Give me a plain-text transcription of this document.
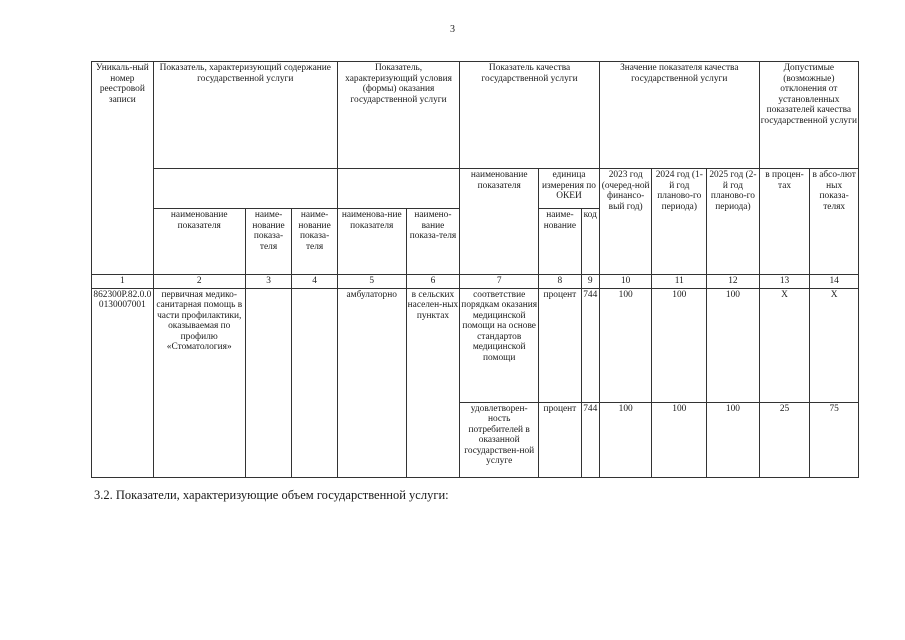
3
Уникаль-ный номер реестровой записи	Показатель, характеризующий содержание государственной услуги			Показатель, характеризующий условия (формы) оказания государственной услуги		Показатель качества государственной услуги			Значение показателя качества государственной услуги			Допустимые (возможные) отклонения от установленных показателей качества государственной услуги	
						наименование показателя	единица измерения по ОКЕИ		2023 год (очеред-ной финансо-вый год)	2024 год (1-й год планово-го периода)	2025 год (2-й год планово-го периода)	в процен-тах	в абсо-лют ных показа-телях
	наименование показателя	наиме-нование показа-теля	наиме-нование показа-теля	наименова-ние показателя	наимено-вание показа-теля		наиме-нование	код					
1	2	3	4	5	6	7	8	9	10	11	12	13	14
862300Р.82.0.00130007001	первичная медико-санитарная помощь в части профилактики, оказываемая по профилю «Стоматология»			амбулаторно	в сельских населен-ных пунктах	соответствие порядкам оказания медицинской помощи на основе стандартов медицинской помощи	процент	744	100	100	100	Х	Х
						удовлетворен-ность потребителей в оказанной государствен-ной услуге	процент	744	100	100	100	25	75
3.2. Показатели, характеризующие объем государственной услуги:
